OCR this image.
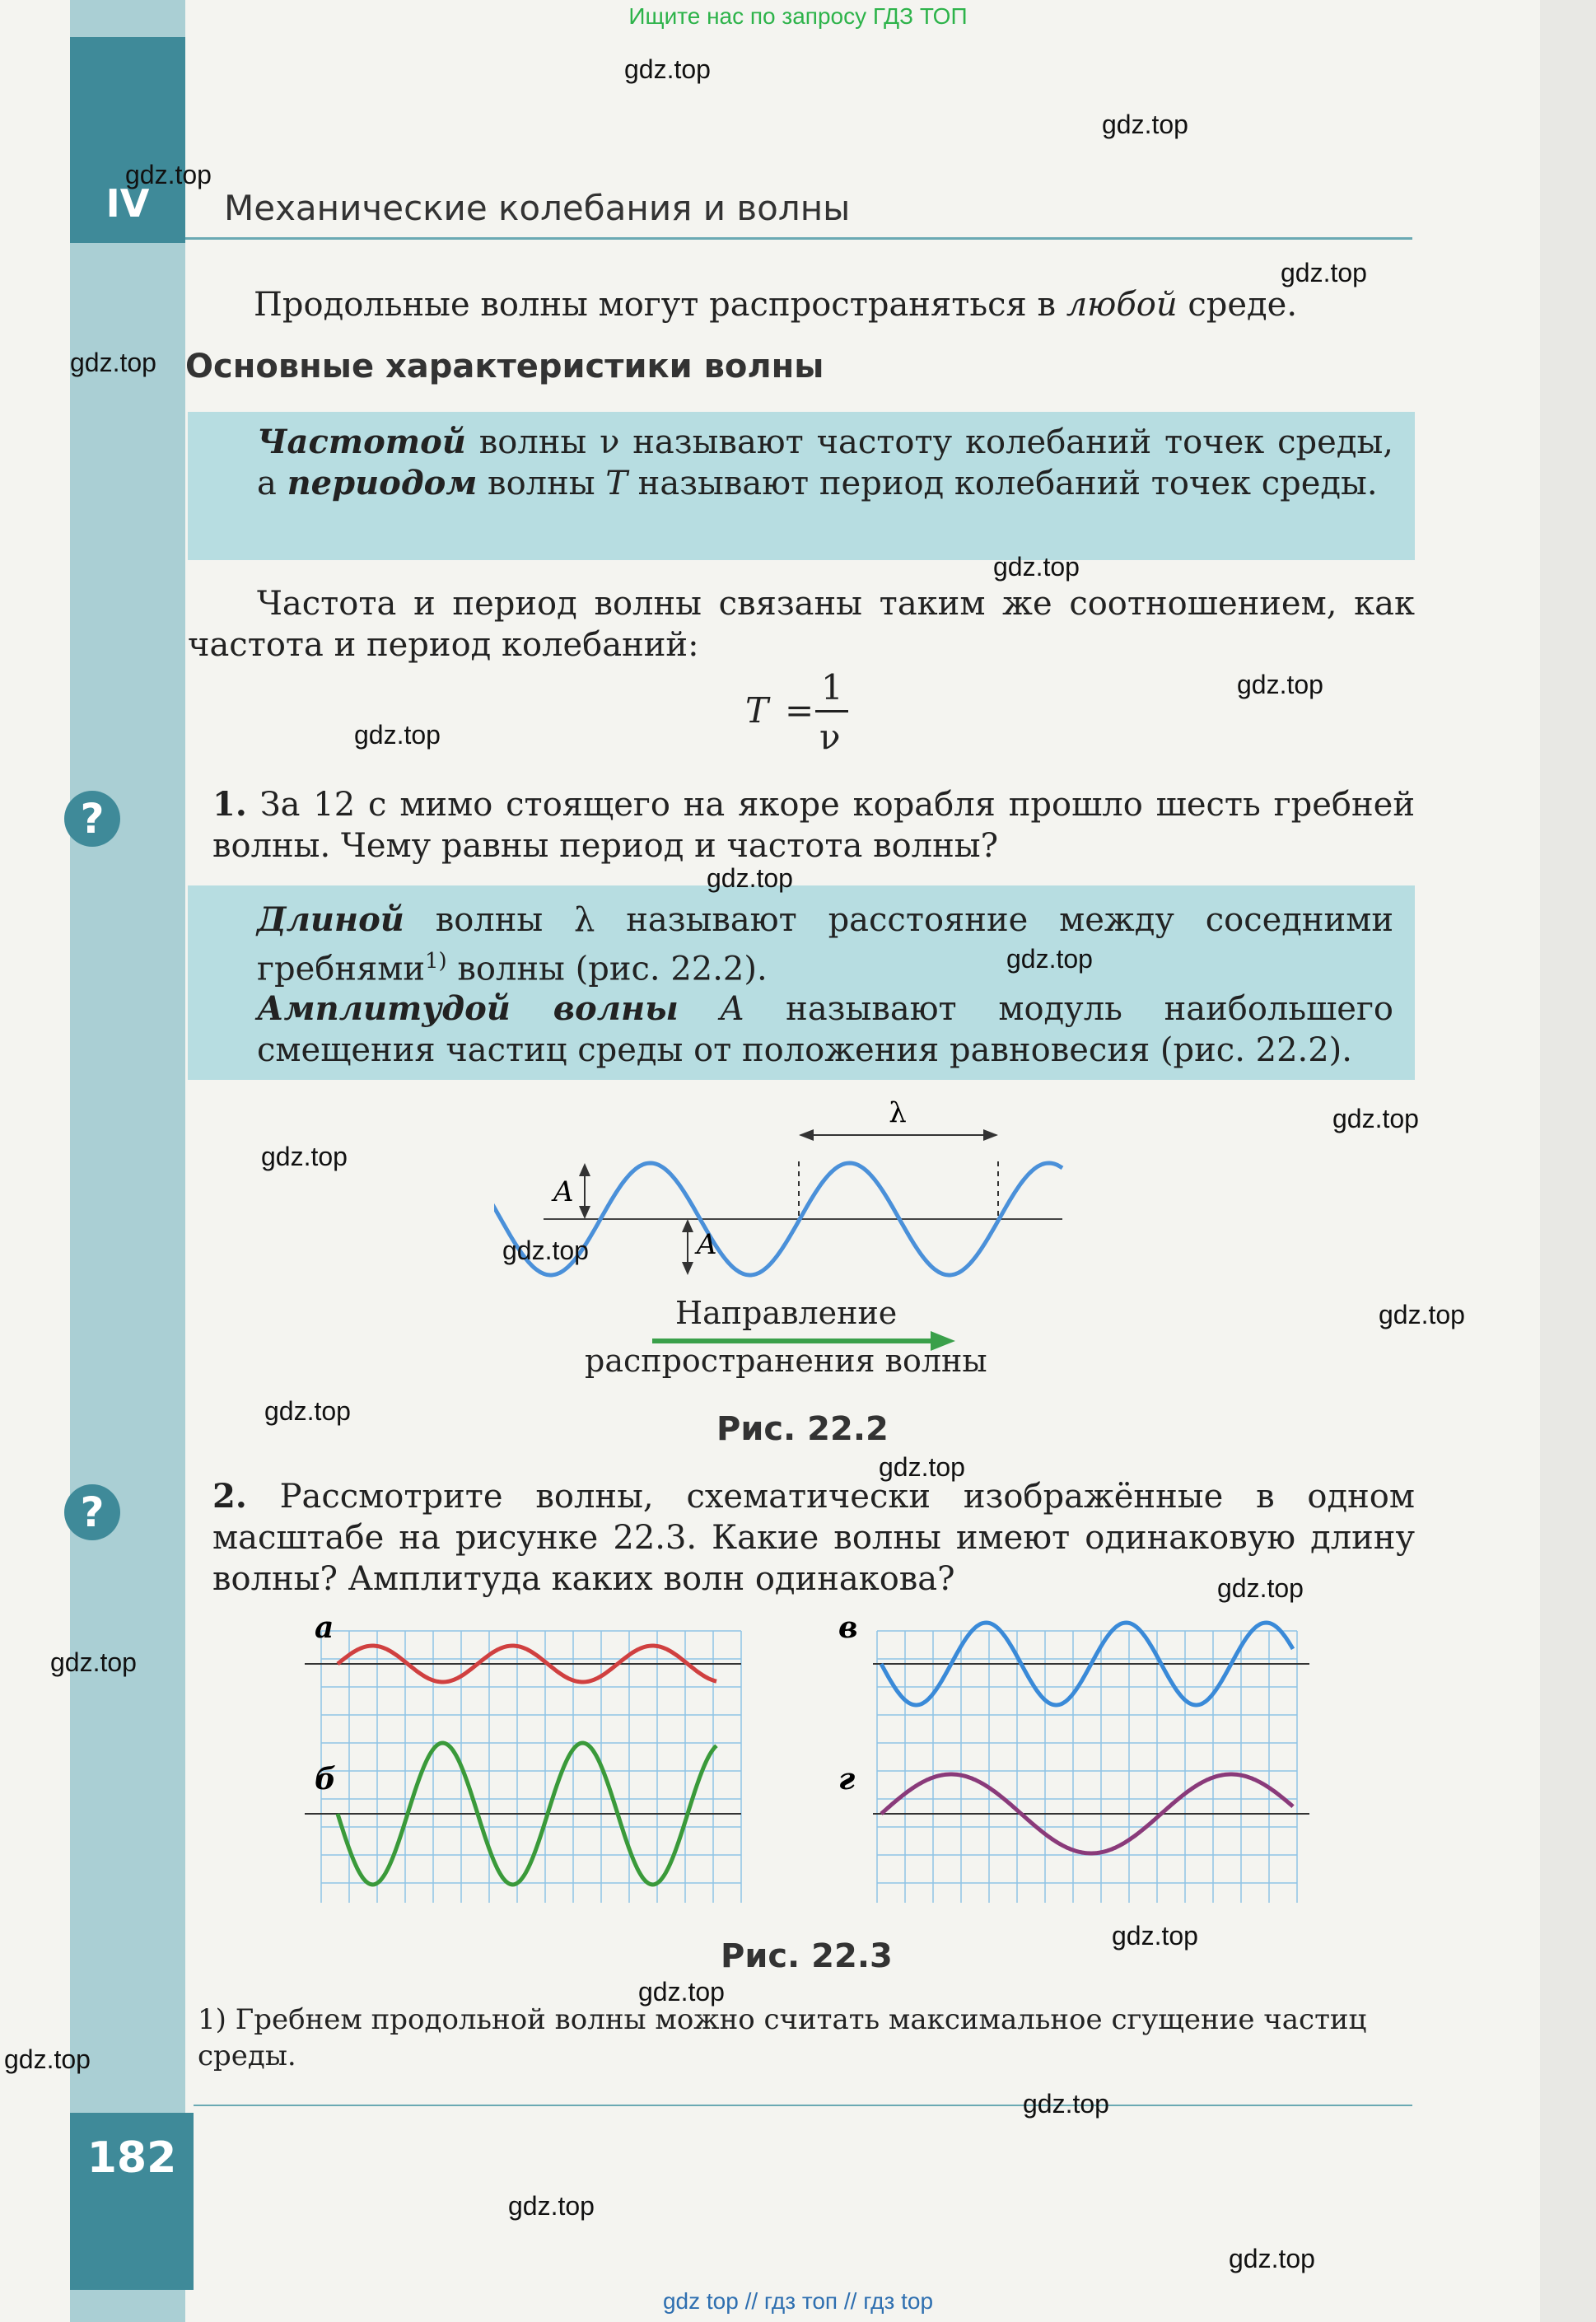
Ищите нас по запросу ГДЗ ТОП
IV	Механические колебания и волны
Продольные волны могут распространяться в любой среде.
Основные характеристики волны
Частотой волны ν называют частоту колебаний точек среды, а периодом волны T называют период колебаний точек среды.
Частота и период волны связаны таким же соотношением, как частота и период колебаний:
T =
1
ν
?	1. За 12 с мимо стоящего на якоре корабля прошло шесть гребней волны. Чему равны период и частота волны?
Длиной волны λ называют расстояние между соседними гребнями$^{1)}$ волны (рис. 22.2).
Амплитудой волны A называют модуль наибольшего смещения частиц среды от положения равновесия (рис. 22.2).
λ
A
A
Направление
распространения волны
Рис. 22.2
?	2. Рассмотрите волны, схематически изображённые в одном масштабе на рисунке 22.3. Какие волны имеют одинаковую длину волны? Амплитуда каких волн одинакова?
а
б
в
г
Рис. 22.3
1) Гребнем продольной волны можно считать максимальное сгущение частиц среды.
182
gdz.top
gdz.top
gdz.top
gdz.top
gdz.top
gdz.top
gdz.top
gdz.top
gdz.top
gdz.top
gdz.top
gdz.top
gdz.top
gdz.top
gdz.top
gdz.top
gdz.top
gdz.top
gdz.top
gdz.top
gdz.top
gdz.top
gdz.top
gdz.top
gdz top // гдз топ // гдз top
